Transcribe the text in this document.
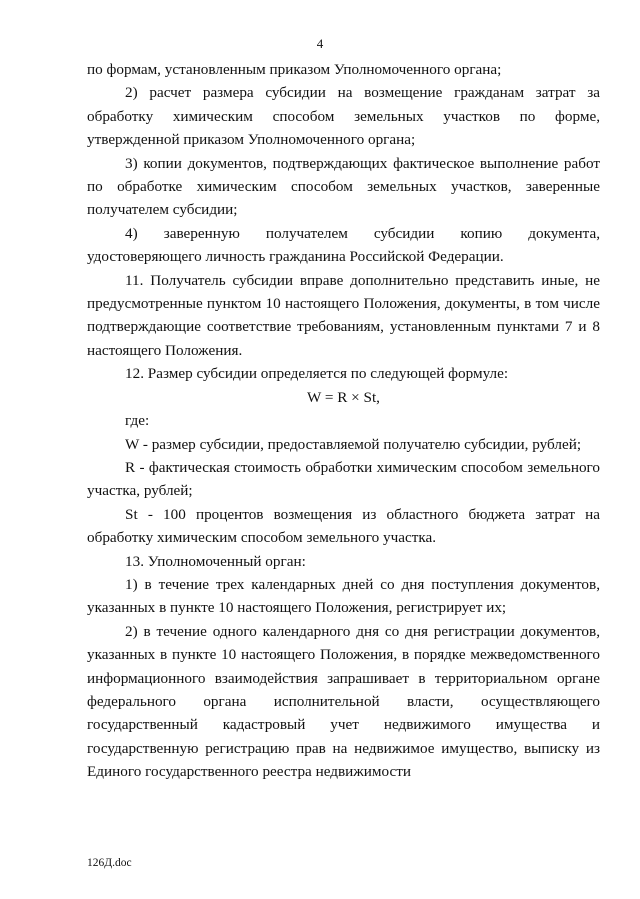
4

по формам, установленным приказом Уполномоченного органа;

2) расчет размера субсидии на возмещение гражданам затрат за обработку химическим способом земельных участков по форме, утвержденной приказом Уполномоченного органа;

3) копии документов, подтверждающих фактическое выполнение работ по обработке химическим способом земельных участков, заверенные получателем субсидии;

4) заверенную получателем субсидии копию документа, удостоверяющего личность гражданина Российской Федерации.

11. Получатель субсидии вправе дополнительно представить иные, не предусмотренные пунктом 10 настоящего Положения, документы, в том числе подтверждающие соответствие требованиям, установленным пунктами 7 и 8 настоящего Положения.

12. Размер субсидии определяется по следующей формуле:

W = R × St,

где:

W - размер субсидии, предоставляемой получателю субсидии, рублей;

R - фактическая стоимость обработки химическим способом земельного участка, рублей;

St - 100 процентов возмещения из областного бюджета затрат на обработку химическим способом земельного участка.

13. Уполномоченный орган:

1) в течение трех календарных дней со дня поступления документов, указанных в пункте 10 настоящего Положения, регистрирует их;

2) в течение одного календарного дня со дня регистрации документов, указанных в пункте 10 настоящего Положения, в порядке межведомственного информационного взаимодействия запрашивает в территориальном органе федерального органа исполнительной власти, осуществляющего государственный кадастровый учет недвижимого имущества и государственную регистрацию прав на недвижимое имущество, выписку из Единого государственного реестра недвижимости

126Д.doc
